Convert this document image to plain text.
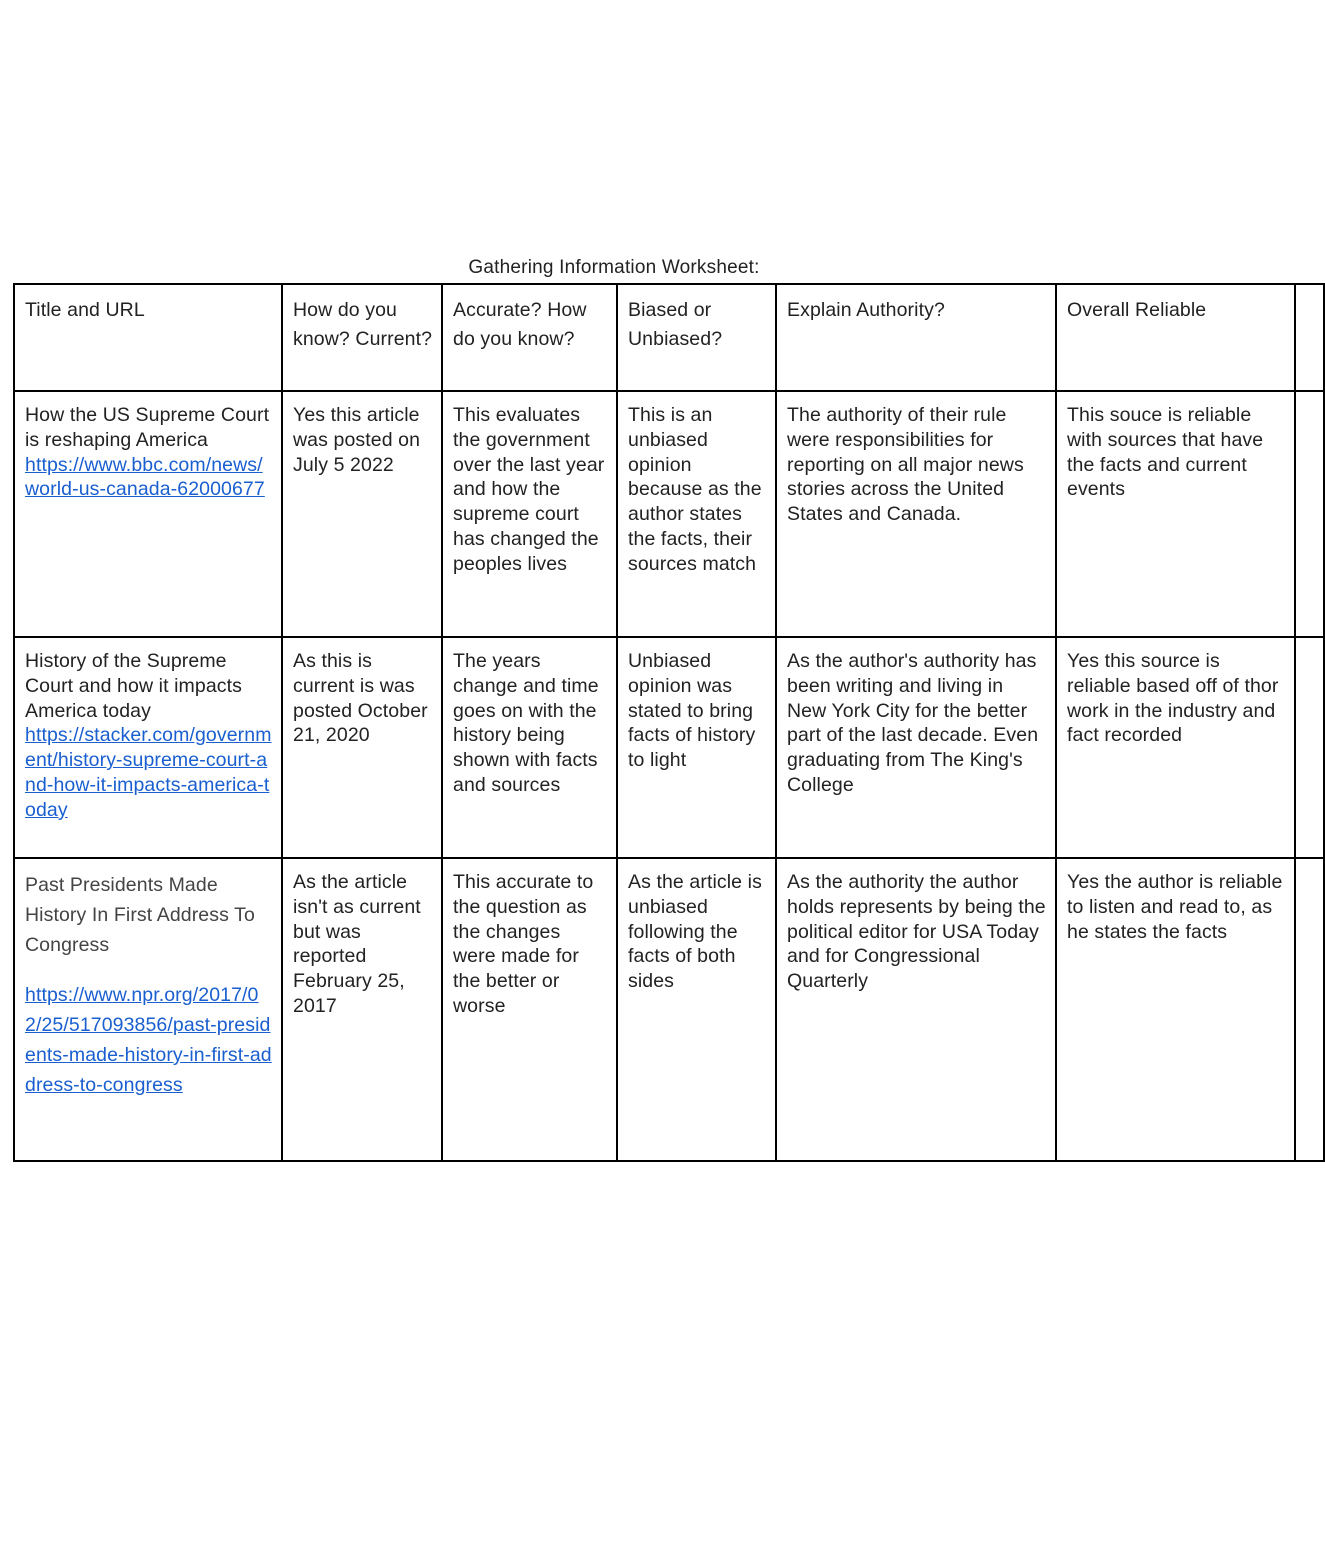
Gathering Information Worksheet:
Title and URL	How do you know? Current?	Accurate? How do you know?	Biased or Unbiased?	Explain Authority?	Overall Reliable	
How the US Supreme Court is reshaping America
https://www.bbc.com/news/world-us-canada-62000677	Yes this article was posted on July 5 2022	This evaluates the government over the last year and how the supreme court has changed the peoples lives	This is an unbiased opinion because as the author states the facts, their sources match	The authority of their rule were responsibilities for reporting on all major news stories across the United States and Canada.	This souce is reliable with sources that have the facts and current events	
History of the Supreme Court and how it impacts America today
https://stacker.com/government/history-supreme-court-and-how-it-impacts-america-today	As this is current is was posted October 21, 2020	The years change and time goes on with the history being shown with facts and sources	Unbiased opinion was stated to bring facts of history to light	As the author's authority has been writing and living in New York City for the better part of the last decade. Even graduating from The King's College	Yes this source is reliable based off of thor work in the industry and fact recorded	

Past Presidents Made History In First Address To Congress
https://www.npr.org/2017/02/25/517093856/past-presidents-made-history-in-first-address-to-congress	As the article isn't as current but was reported February 25, 2017	This accurate to the question as the changes were made for the better or worse	As the article is unbiased following the facts of both sides	As the authority the author holds represents by being the political editor for USA Today and for Congressional Quarterly	Yes the author is reliable to listen and read to, as he states the facts	
